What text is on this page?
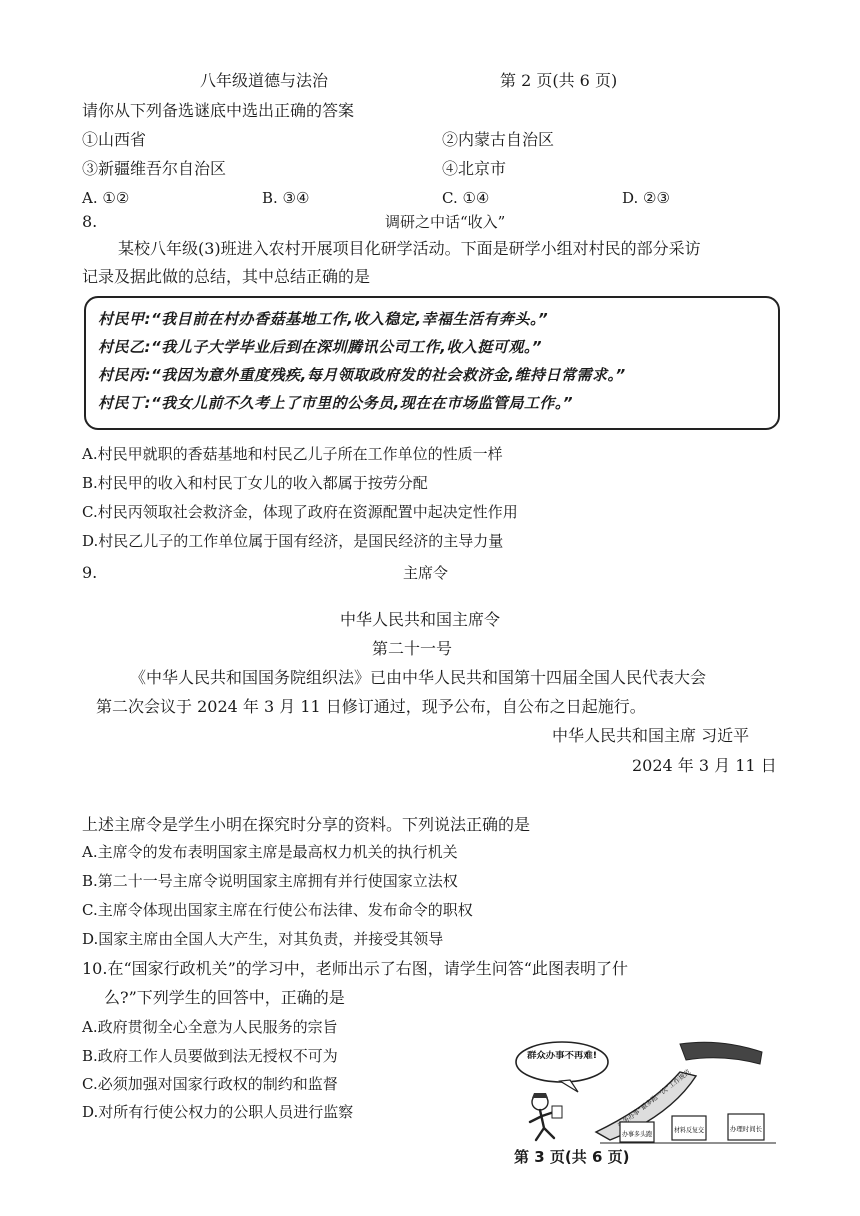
八年级道德与法治	第 2 页(共 6 页)
请你从下列备选谜底中选出正确的答案
①山西省	②内蒙古自治区
③新疆维吾尔自治区	④北京市
A. ①②	B. ③④	C. ①④	D. ②③
8.	调研之中话“收入”
某校八年级(3)班进入农村开展项目化研学活动。下面是研学小组对村民的部分采访
记录及据此做的总结，其中总结正确的是
村民甲:“我目前在村办香菇基地工作,收入稳定,幸福生活有奔头。”
村民乙:“我儿子大学毕业后到在深圳腾讯公司工作,收入挺可观。”
村民丙:“我因为意外重度残疾,每月领取政府发的社会救济金,维持日常需求。”
村民丁:“我女儿前不久考上了市里的公务员,现在在市场监管局工作。”
A.村民甲就职的香菇基地和村民乙儿子所在工作单位的性质一样
B.村民甲的收入和村民丁女儿的收入都属于按劳分配
C.村民丙领取社会救济金，体现了政府在资源配置中起决定性作用
D.村民乙儿子的工作单位属于国有经济，是国民经济的主导力量
9.	主席令
中华人民共和国主席令
第二十一号
《中华人民共和国国务院组织法》已由中华人民共和国第十四届全国人民代表大会
第二次会议于 2024 年 3 月 11 日修订通过，现予公布，自公布之日起施行。
中华人民共和国主席 习近平
2024 年 3 月 11 日
上述主席令是学生小明在探究时分享的资料。下列说法正确的是
A.主席令的发布表明国家主席是最高权力机关的执行机关
B.第二十一号主席令说明国家主席拥有并行使国家立法权
C.主席令体现出国家主席在行使公布法律、发布命令的职权
D.国家主席由全国人大产生，对其负责，并接受其领导
10.在“国家行政机关”的学习中，老师出示了右图，请学生问答“此图表明了什
么?”下列学生的回答中，正确的是
A.政府贯彻全心全意为人民服务的宗旨
B.政府工作人员要做到法无授权不可为
C.必须加强对国家行政权的制约和监督
D.对所有行使公权力的公职人员进行监察
群众办事不再难!
政务办事“最多跑一次”工作规范
办事多头跑	材料反复交	办理时间长
第 3 页(共 6 页)
